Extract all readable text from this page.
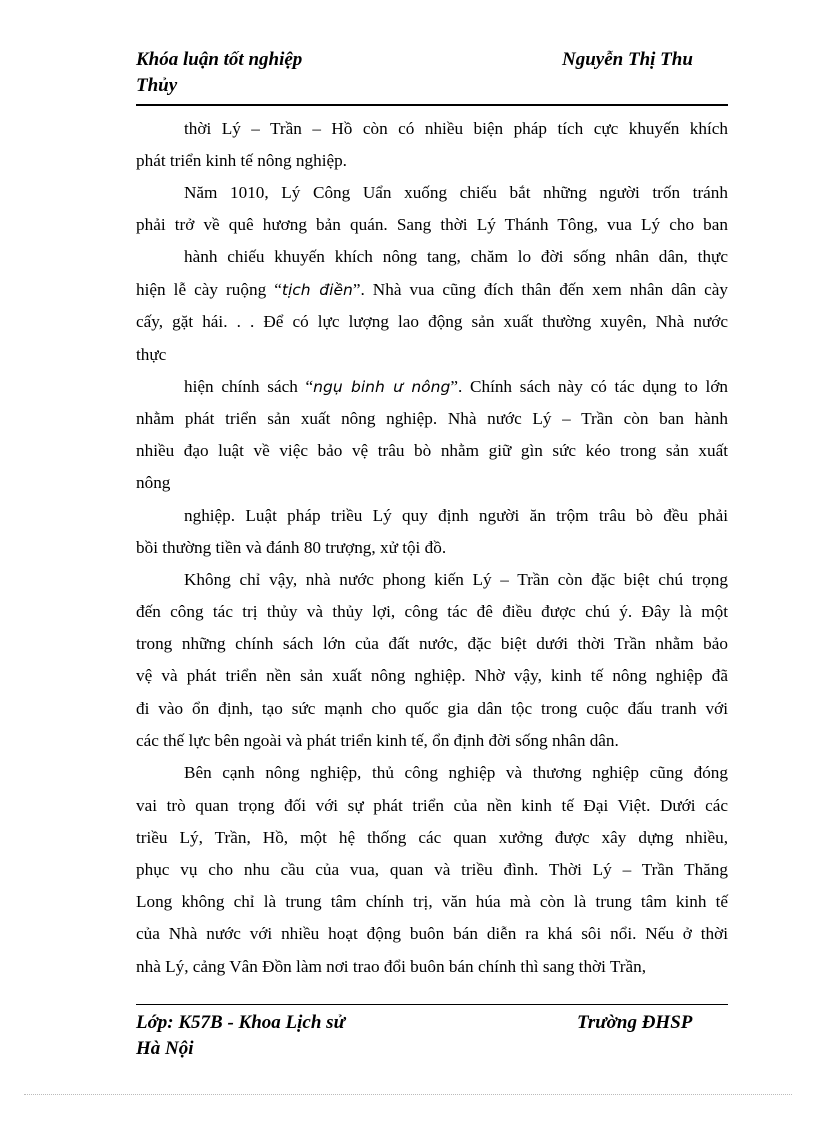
Khóa luận tốt nghiệp	Nguyễn Thị Thu
Thủy
thời Lý – Trần – Hồ còn có nhiều biện pháp tích cực khuyến khích
phát triển kinh tế nông nghiệp.
Năm 1010, Lý Công Uẩn xuống chiếu bắt những người trốn tránh
phải trở về quê hương bản quán. Sang thời Lý Thánh Tông, vua Lý cho ban
hành chiếu khuyến khích nông tang, chăm lo đời sống nhân dân, thực
hiện lễ cày ruộng “tịch điền”. Nhà vua cũng đích thân đến xem nhân dân cày
cấy, gặt hái. . . Để có lực lượng lao động sản xuất thường xuyên, Nhà nước
thực
hiện chính sách “ngụ binh ư nông”. Chính sách này có tác dụng to lớn
nhằm phát triển sản xuất nông nghiệp. Nhà nước Lý – Trần còn ban hành
nhiều đạo luật về việc bảo vệ trâu bò nhằm giữ gìn sức kéo trong sản xuất
nông
nghiệp. Luật pháp triều Lý quy định người ăn trộm trâu bò đều phải
bồi thường tiền và đánh 80 trượng, xử tội đồ.
Không chỉ vậy, nhà nước phong kiến Lý – Trần còn đặc biệt chú trọng
đến công tác trị thủy và thủy lợi, công tác đê điều được chú ý. Đây là một
trong những chính sách lớn của đất nước, đặc biệt dưới thời Trần nhằm bảo
vệ và phát triển nền sản xuất nông nghiệp. Nhờ vậy, kinh tế nông nghiệp đã
đi vào ổn định, tạo sức mạnh cho quốc gia dân tộc trong cuộc đấu tranh với
các thế lực bên ngoài và phát triển kinh tế, ổn định đời sống nhân dân.
Bên cạnh nông nghiệp, thủ công nghiệp và thương nghiệp cũng đóng
vai trò quan trọng đối với sự phát triển của nền kinh tế Đại Việt. Dưới các
triều Lý, Trần, Hồ, một hệ thống các quan xưởng được xây dựng nhiều,
phục vụ cho nhu cầu của vua, quan và triều đình. Thời Lý – Trần Thăng
Long không chỉ là trung tâm chính trị, văn húa mà còn là trung tâm kinh tế
của Nhà nước với nhiều hoạt động buôn bán diễn ra khá sôi nổi. Nếu ở thời
nhà Lý, cảng Vân Đồn làm nơi trao đổi buôn bán chính thì sang thời Trần,
Lớp: K57B - Khoa Lịch sử	Trường ĐHSP
Hà Nội
